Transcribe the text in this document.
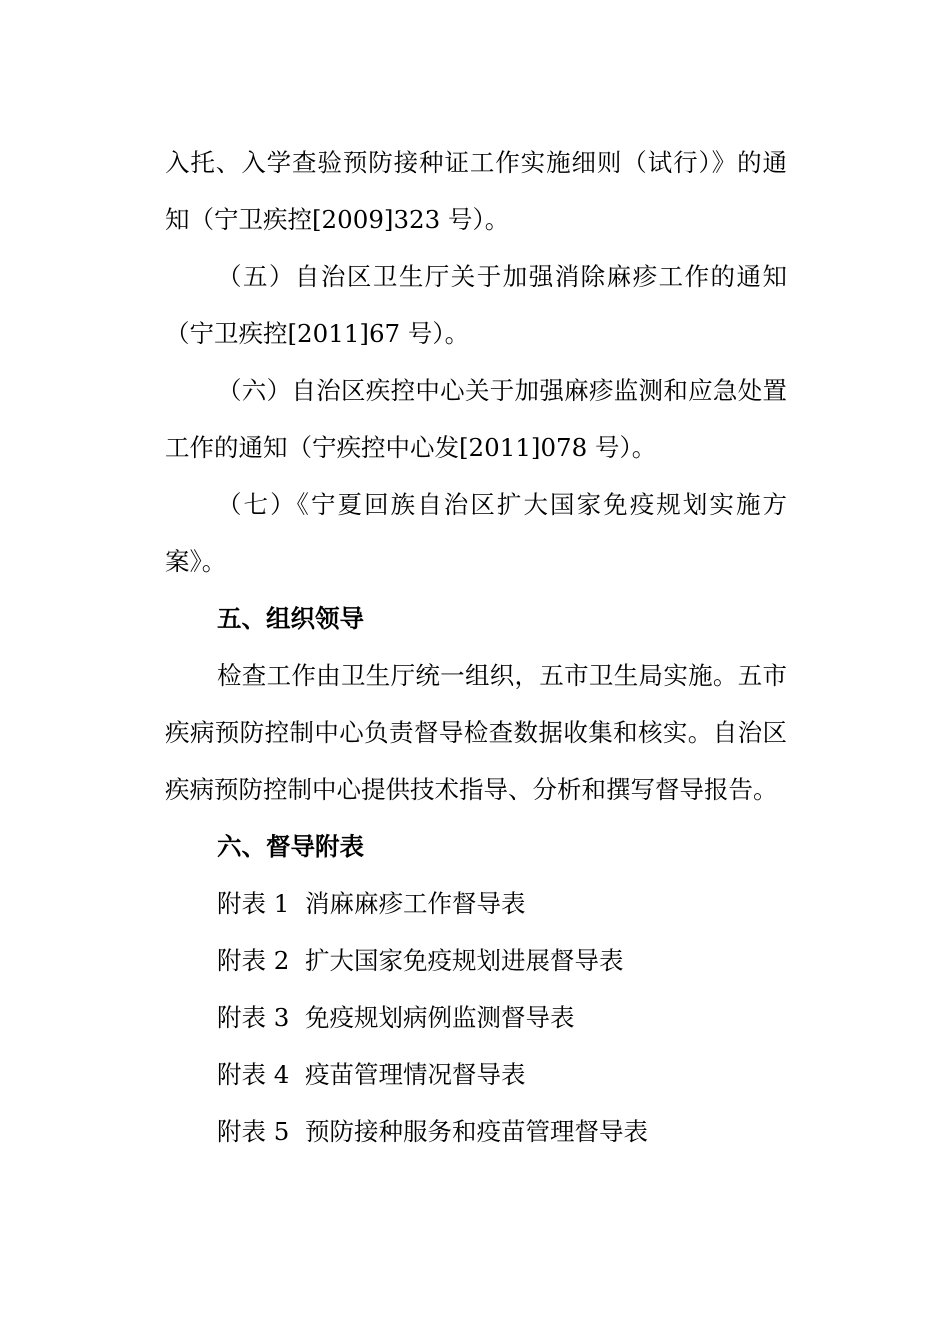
入托、入学查验预防接种证工作实施细则（试行）》的通知（宁卫疾控[2009]323 号）。

（五）自治区卫生厅关于加强消除麻疹工作的通知（宁卫疾控[2011]67 号）。

（六）自治区疾控中心关于加强麻疹监测和应急处置工作的通知（宁疾控中心发[2011]078 号）。

（七）《宁夏回族自治区扩大国家免疫规划实施方案》。

五、组织领导

检查工作由卫生厅统一组织，五市卫生局实施。五市疾病预防控制中心负责督导检查数据收集和核实。自治区疾病预防控制中心提供技术指导、分析和撰写督导报告。

六、督导附表

附表 1  消麻麻疹工作督导表

附表 2  扩大国家免疫规划进展督导表

附表 3  免疫规划病例监测督导表

附表 4  疫苗管理情况督导表

附表 5  预防接种服务和疫苗管理督导表
